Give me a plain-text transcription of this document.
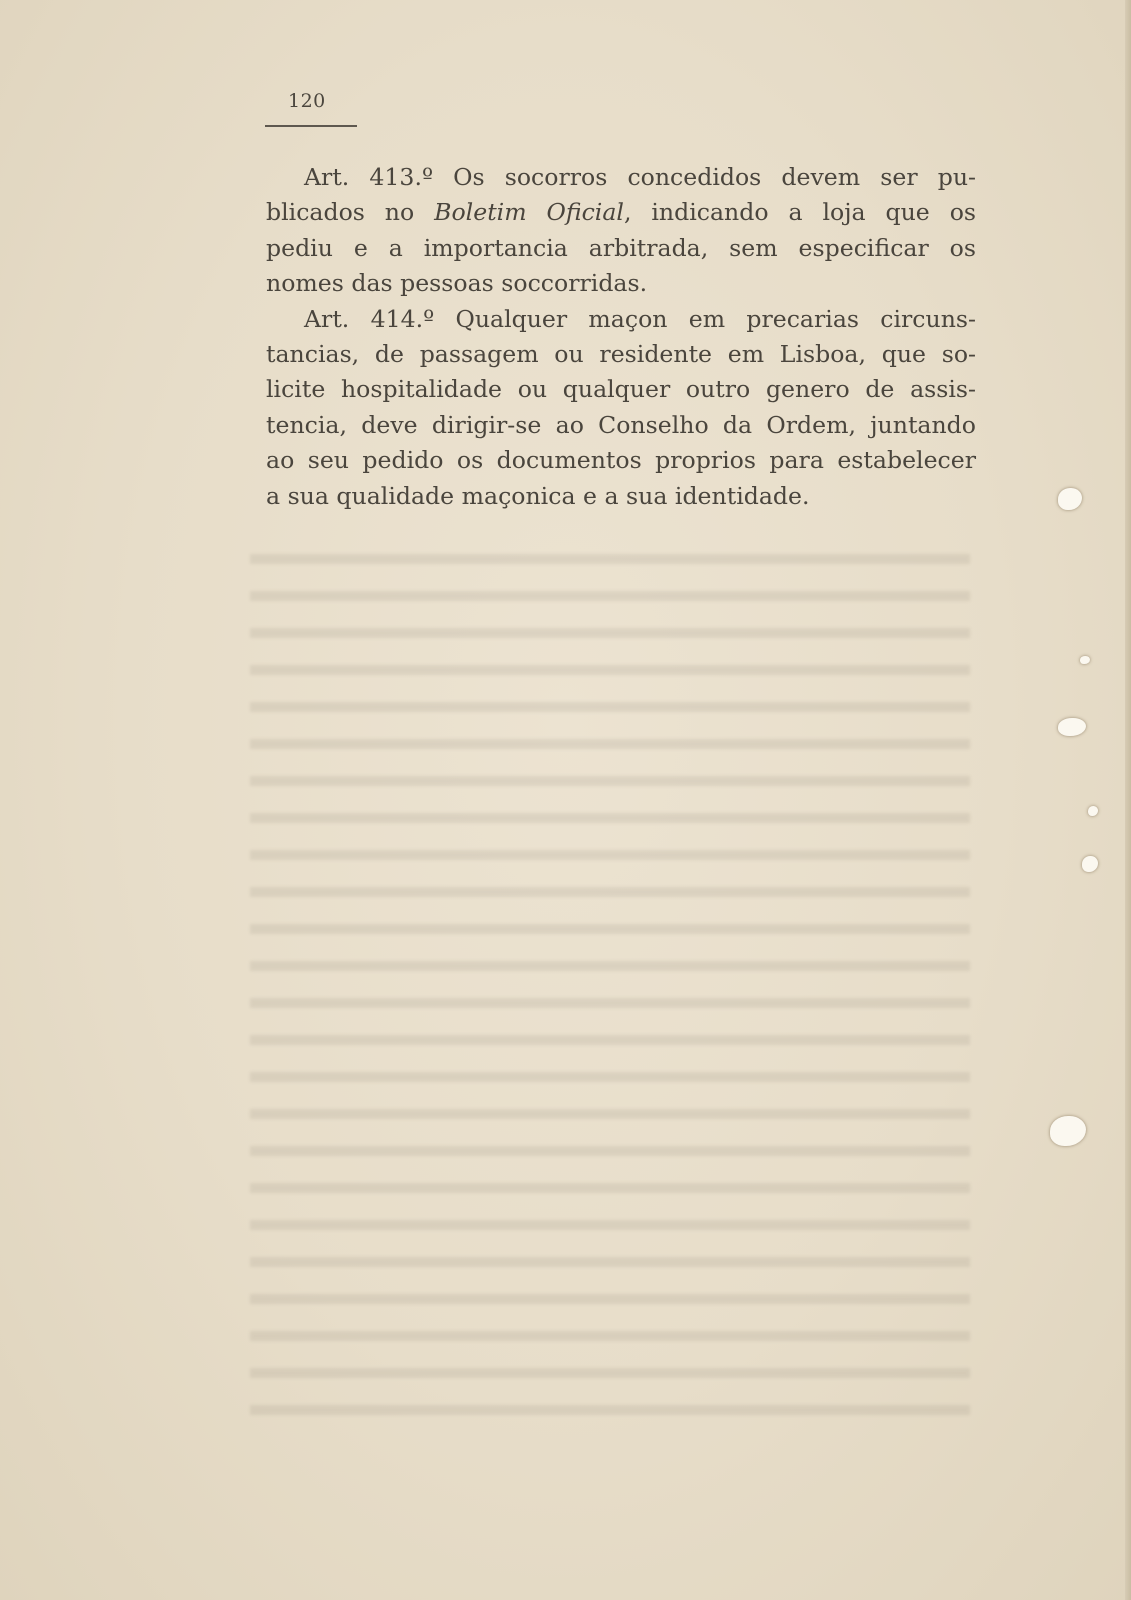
120
Art. 413.º Os socorros concedidos devem ser pu-
blicados no Boletim Oficial, indicando a loja que os
pediu e a importancia arbitrada, sem especificar os
nomes das pessoas soccorridas.
Art. 414.º Qualquer maçon em precarias circuns-
tancias, de passagem ou residente em Lisboa, que so-
licite hospitalidade ou qualquer outro genero de assis-
tencia, deve dirigir-se ao Conselho da Ordem, juntando
ao seu pedido os documentos proprios para estabelecer
a sua qualidade maçonica e a sua identidade.
